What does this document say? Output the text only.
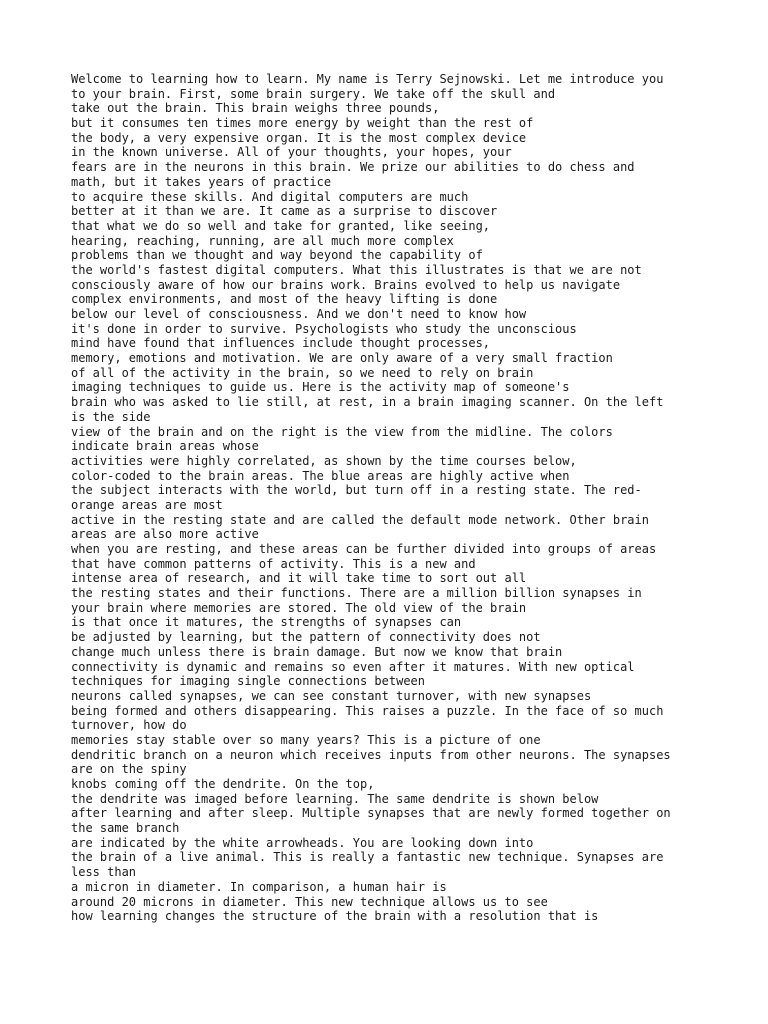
Welcome to learning how to learn. My name is Terry Sejnowski. Let me introduce you
to your brain. First, some brain surgery. We take off the skull and
take out the brain. This brain weighs three pounds,
but it consumes ten times more energy by weight than the rest of
the body, a very expensive organ. It is the most complex device
in the known universe. All of your thoughts, your hopes, your
fears are in the neurons in this brain. We prize our abilities to do chess and
math, but it takes years of practice
to acquire these skills. And digital computers are much
better at it than we are. It came as a surprise to discover
that what we do so well and take for granted, like seeing,
hearing, reaching, running, are all much more complex
problems than we thought and way beyond the capability of
the world's fastest digital computers. What this illustrates is that we are not
consciously aware of how our brains work. Brains evolved to help us navigate
complex environments, and most of the heavy lifting is done
below our level of consciousness. And we don't need to know how
it's done in order to survive. Psychologists who study the unconscious
mind have found that influences include thought processes,
memory, emotions and motivation. We are only aware of a very small fraction
of all of the activity in the brain, so we need to rely on brain
imaging techniques to guide us. Here is the activity map of someone's
brain who was asked to lie still, at rest, in a brain imaging scanner. On the left
is the side
view of the brain and on the right is the view from the midline. The colors
indicate brain areas whose
activities were highly correlated, as shown by the time courses below,
color-coded to the brain areas. The blue areas are highly active when
the subject interacts with the world, but turn off in a resting state. The red-
orange areas are most
active in the resting state and are called the default mode network. Other brain
areas are also more active
when you are resting, and these areas can be further divided into groups of areas
that have common patterns of activity. This is a new and
intense area of research, and it will take time to sort out all
the resting states and their functions. There are a million billion synapses in
your brain where memories are stored. The old view of the brain
is that once it matures, the strengths of synapses can
be adjusted by learning, but the pattern of connectivity does not
change much unless there is brain damage. But now we know that brain
connectivity is dynamic and remains so even after it matures. With new optical
techniques for imaging single connections between
neurons called synapses, we can see constant turnover, with new synapses
being formed and others disappearing. This raises a puzzle. In the face of so much
turnover, how do
memories stay stable over so many years? This is a picture of one
dendritic branch on a neuron which receives inputs from other neurons. The synapses
are on the spiny
knobs coming off the dendrite. On the top,
the dendrite was imaged before learning. The same dendrite is shown below
after learning and after sleep. Multiple synapses that are newly formed together on
the same branch
are indicated by the white arrowheads. You are looking down into
the brain of a live animal. This is really a fantastic new technique. Synapses are
less than
a micron in diameter. In comparison, a human hair is
around 20 microns in diameter. This new technique allows us to see
how learning changes the structure of the brain with a resolution that is
